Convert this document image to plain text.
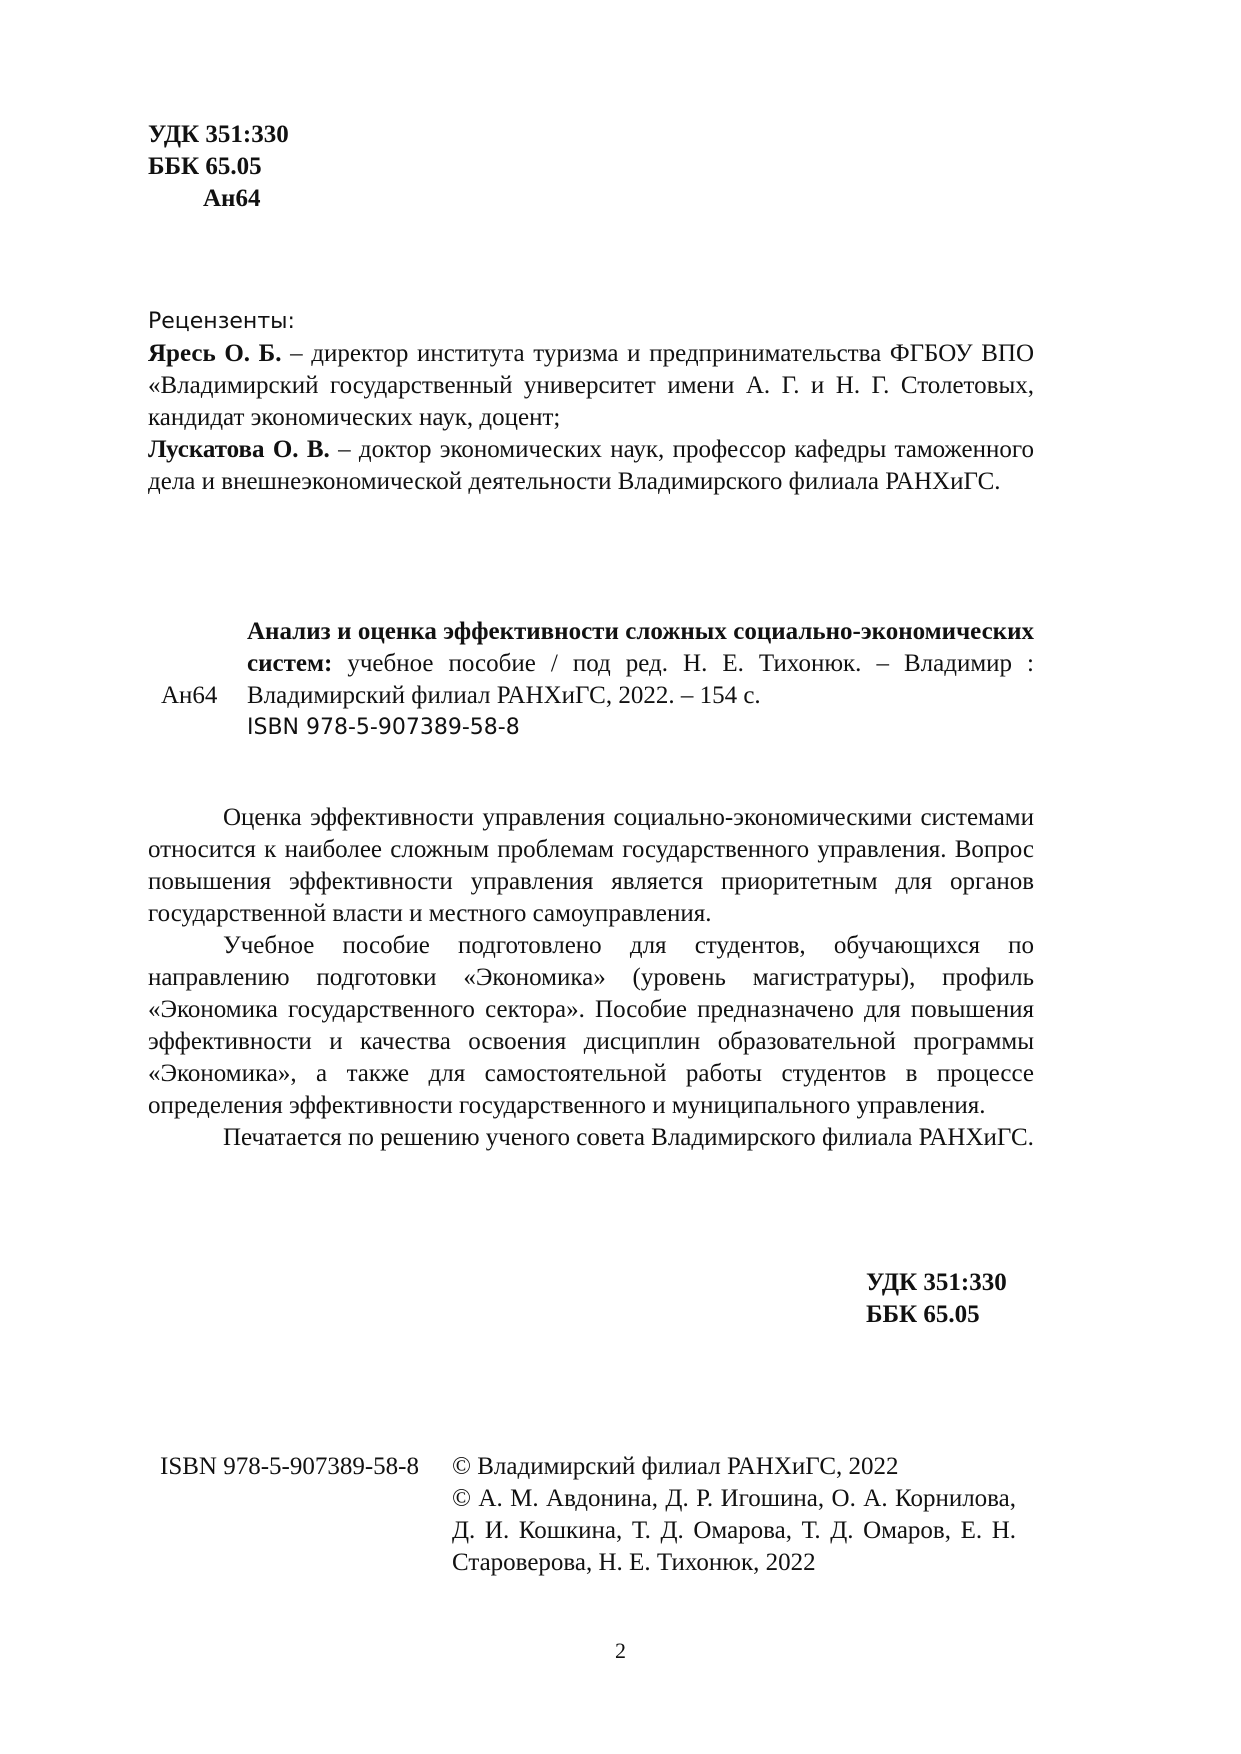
УДК 351:330
ББК 65.05
Ан64

Рецензенты:

Яресь О. Б. – директор института туризма и предпринимательства ФГБОУ ВПО «Владимирский государственный университет имени А. Г. и Н. Г. Столетовых, кандидат экономических наук, доцент;

Лускатова О. В. – доктор экономических наук, профессор кафедры таможенного дела и внешнеэкономической деятельности Владимирского филиала РАНХиГС.

Ан64

Анализ и оценка эффективности сложных социально-экономических систем: учебное пособие / под ред. Н. Е. Тихонюк. – Владимир : Владимирский филиал РАНХиГС, 2022. – 154 с.

ISBN 978-5-907389-58-8

Оценка эффективности управления социально-экономическими системами относится к наиболее сложным проблемам государственного управления. Вопрос повышения эффективности управления является приоритетным для органов государственной власти и местного самоуправления.

Учебное пособие подготовлено для студентов, обучающихся по направлению подготовки «Экономика» (уровень магистратуры), профиль «Экономика государственного сектора». Пособие предназначено для повышения эффективности и качества освоения дисциплин образовательной программы «Экономика», а также для самостоятельной работы студентов в процессе определения эффективности государственного и муниципального управления.

Печатается по решению ученого совета Владимирского филиала РАНХиГС.

УДК 351:330
ББК 65.05
ISBN 978-5-907389-58-8 © Владимирский филиал РАНХиГС, 2022

© А. М. Авдонина, Д. Р. Игошина, О. А. Корнилова, Д. И. Кошкина, Т. Д. Омарова, Т. Д. Омаров, Е. Н. Староверова, Н. Е. Тихонюк, 2022

2
